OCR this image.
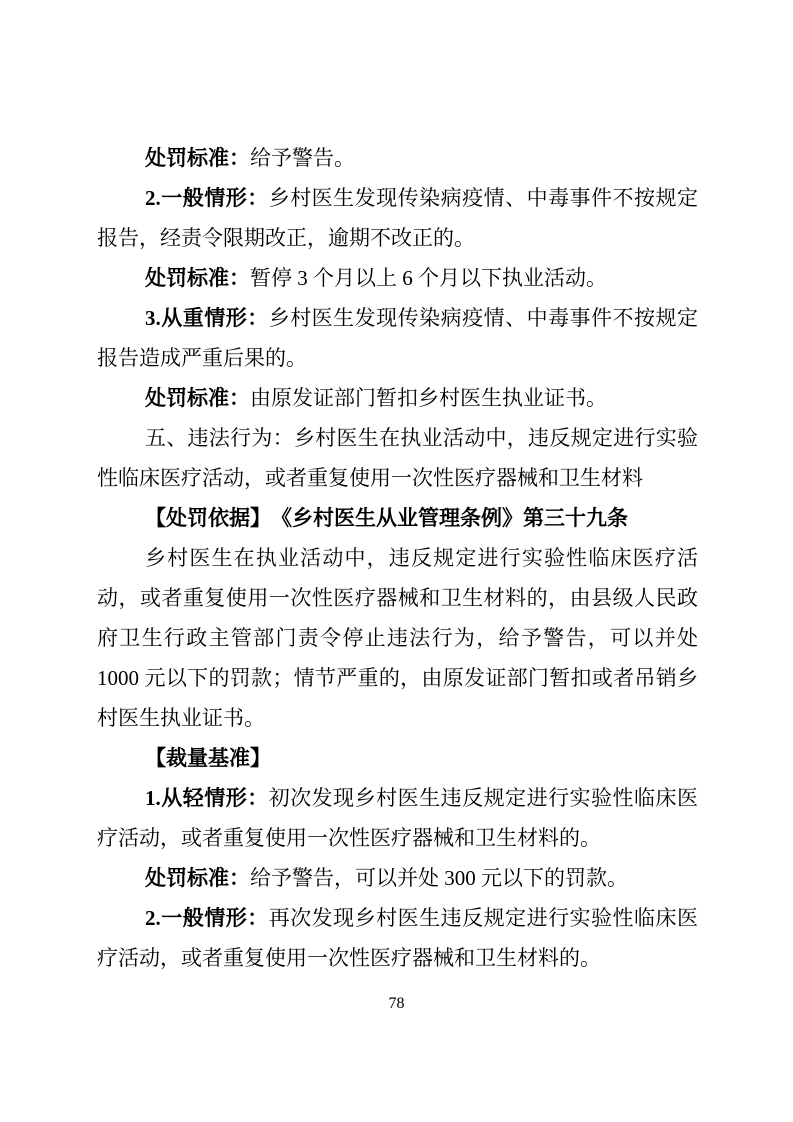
处罚标准：给予警告。
2.一般情形：乡村医生发现传染病疫情、中毒事件不按规定
报告，经责令限期改正，逾期不改正的。
处罚标准：暂停 3 个月以上 6 个月以下执业活动。
3.从重情形：乡村医生发现传染病疫情、中毒事件不按规定
报告造成严重后果的。
处罚标准：由原发证部门暂扣乡村医生执业证书。
五、违法行为：乡村医生在执业活动中，违反规定进行实验
性临床医疗活动，或者重复使用一次性医疗器械和卫生材料
【处罚依据】　《乡村医生从业管理条例》第三十九条
乡村医生在执业活动中，违反规定进行实验性临床医疗活
动，或者重复使用一次性医疗器械和卫生材料的，由县级人民政
府卫生行政主管部门责令停止违法行为，给予警告，可以并处
1000 元以下的罚款；情节严重的，由原发证部门暂扣或者吊销乡
村医生执业证书。
【裁量基准】
1.从轻情形：初次发现乡村医生违反规定进行实验性临床医
疗活动，或者重复使用一次性医疗器械和卫生材料的。
处罚标准：给予警告，可以并处 300 元以下的罚款。
2.一般情形：再次发现乡村医生违反规定进行实验性临床医
疗活动，或者重复使用一次性医疗器械和卫生材料的。
78
